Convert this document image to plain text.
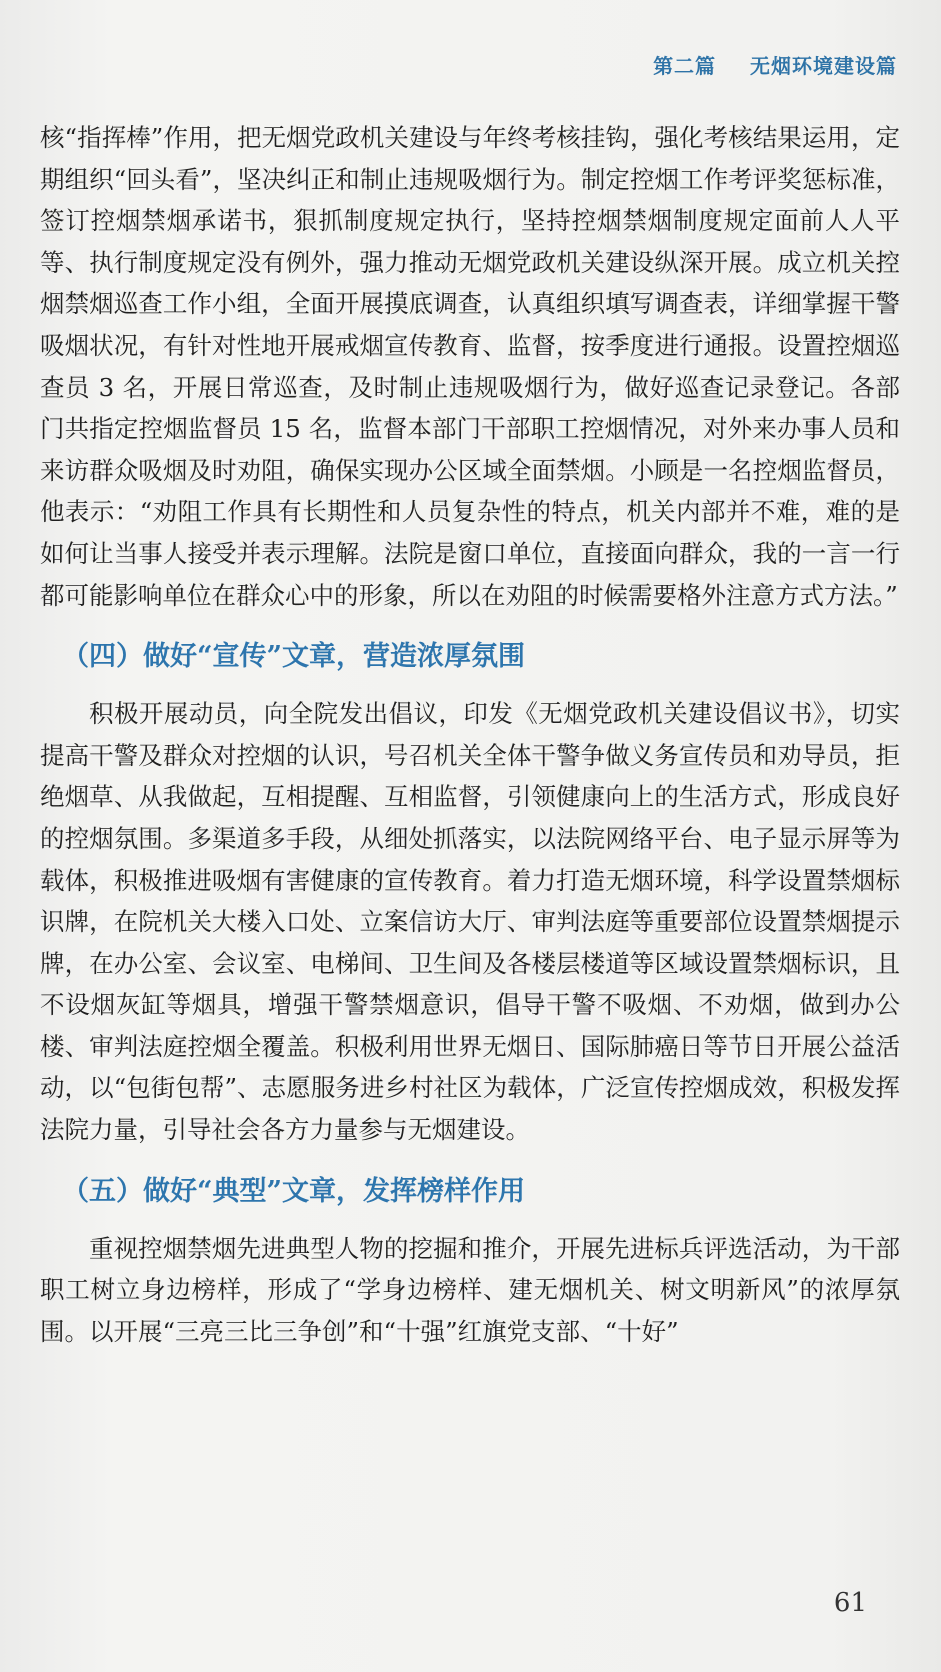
第二篇 无烟环境建设篇

核“指挥棒”作用，把无烟党政机关建设与年终考核挂钩，强化考核结果运用，定期组织“回头看”，坚决纠正和制止违规吸烟行为。制定控烟工作考评奖惩标准，签订控烟禁烟承诺书，狠抓制度规定执行，坚持控烟禁烟制度规定面前人人平等、执行制度规定没有例外，强力推动无烟党政机关建设纵深开展。成立机关控烟禁烟巡查工作小组，全面开展摸底调查，认真组织填写调查表，详细掌握干警吸烟状况，有针对性地开展戒烟宣传教育、监督，按季度进行通报。设置控烟巡查员 3 名，开展日常巡查，及时制止违规吸烟行为，做好巡查记录登记。各部门共指定控烟监督员 15 名，监督本部门干部职工控烟情况，对外来办事人员和来访群众吸烟及时劝阻，确保实现办公区域全面禁烟。小顾是一名控烟监督员，他表示：“劝阻工作具有长期性和人员复杂性的特点，机关内部并不难，难的是如何让当事人接受并表示理解。法院是窗口单位，直接面向群众，我的一言一行都可能影响单位在群众心中的形象，所以在劝阻的时候需要格外注意方式方法。”

（四）做好“宣传”文章，营造浓厚氛围

积极开展动员，向全院发出倡议，印发《无烟党政机关建设倡议书》，切实提高干警及群众对控烟的认识，号召机关全体干警争做义务宣传员和劝导员，拒绝烟草、从我做起，互相提醒、互相监督，引领健康向上的生活方式，形成良好的控烟氛围。多渠道多手段，从细处抓落实，以法院网络平台、电子显示屏等为载体，积极推进吸烟有害健康的宣传教育。着力打造无烟环境，科学设置禁烟标识牌，在院机关大楼入口处、立案信访大厅、审判法庭等重要部位设置禁烟提示牌，在办公室、会议室、电梯间、卫生间及各楼层楼道等区域设置禁烟标识，且不设烟灰缸等烟具，增强干警禁烟意识，倡导干警不吸烟、不劝烟，做到办公楼、审判法庭控烟全覆盖。积极利用世界无烟日、国际肺癌日等节日开展公益活动，以“包街包帮”、志愿服务进乡村社区为载体，广泛宣传控烟成效，积极发挥法院力量，引导社会各方力量参与无烟建设。

（五）做好“典型”文章，发挥榜样作用

重视控烟禁烟先进典型人物的挖掘和推介，开展先进标兵评选活动，为干部职工树立身边榜样，形成了“学身边榜样、建无烟机关、树文明新风”的浓厚氛围。以开展“三亮三比三争创”和“十强”红旗党支部、“十好”

61
